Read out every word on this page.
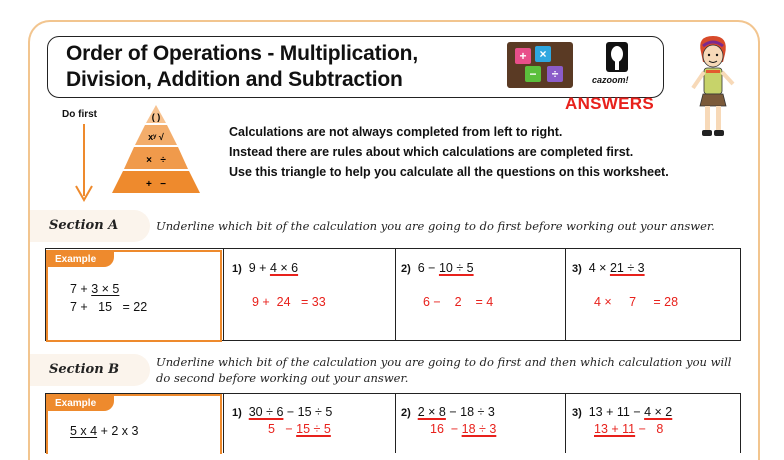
Order of Operations - Multiplication,
Division, Addition and Subtraction
+	×
−	÷	cazoom!
ANSWERS
Do first	( )
xʸ √
×   ÷
+   −
Calculations are not always completed from left to right.
Instead there are rules about which calculations are completed first.
Use this triangle to help you calculate all the questions on this worksheet.
Section A	Underline which bit of the calculation you are going to do first before working out your answer.
1) 9 + 4 × 6
9 +  24   = 33
2) 6 − 10 ÷ 5
6 −    2    = 4
3) 4 × 21 ÷ 3
4 ×     7     = 28
Example
7 + 3 × 5
7 +   15   = 22
Section B	Underline which bit of the calculation you are going to do first and then which calculation you will
do second before working out your answer.
1) 30 ÷ 6 − 15 ÷ 5
5   − 15 ÷ 5
2) 2 × 8 − 18 ÷ 3
16  − 18 ÷ 3
3) 13 + 11 − 4 × 2
13 + 11 −   8
Example
5 x 4 + 2 x 3
